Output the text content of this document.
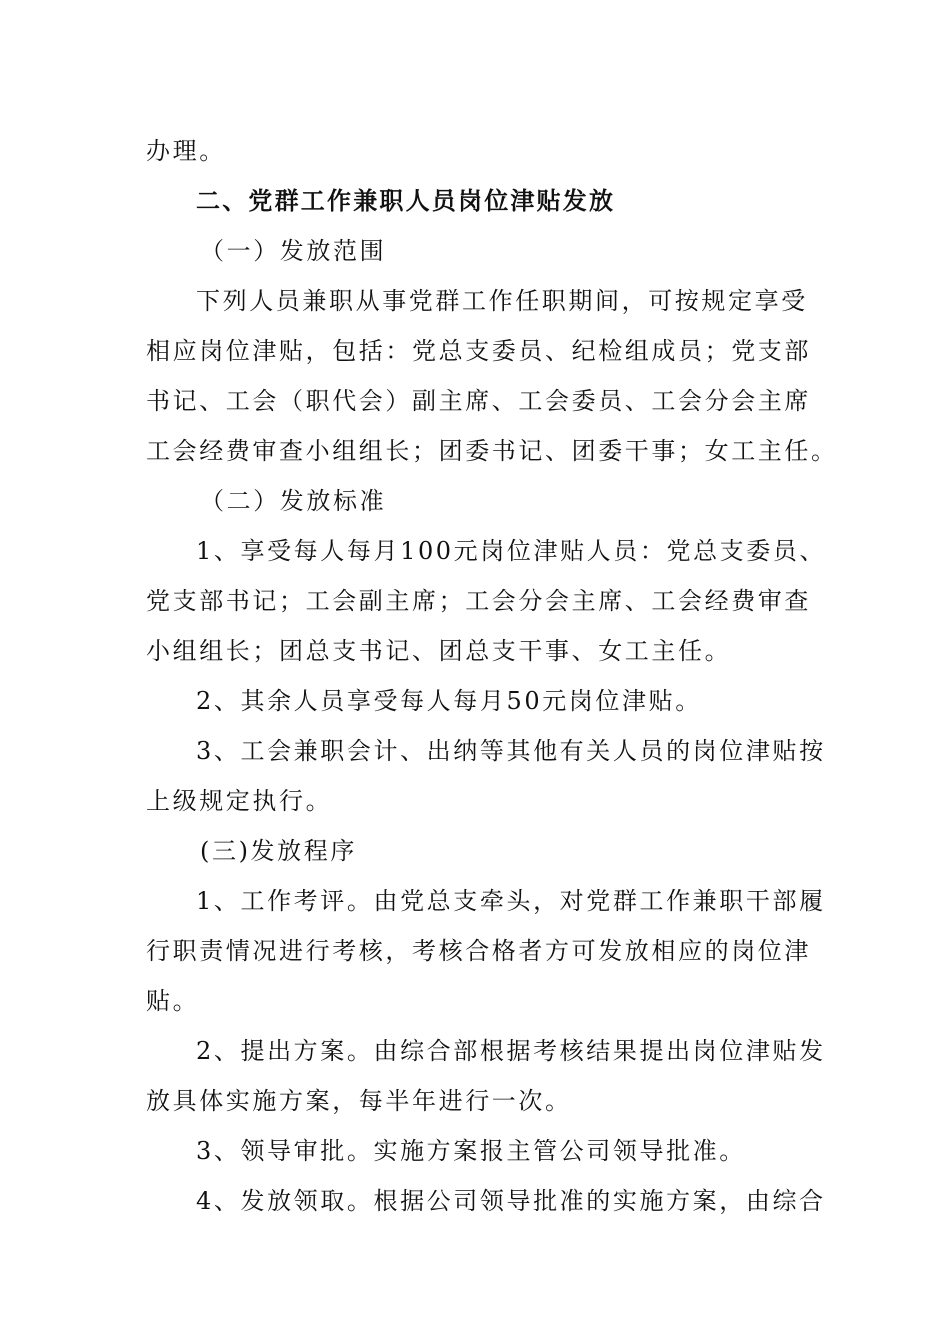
办理。
二、党群工作兼职人员岗位津贴发放
（一）发放范围
下列人员兼职从事党群工作任职期间，可按规定享受
相应岗位津贴，包括：党总支委员、纪检组成员；党支部
书记、工会（职代会）副主席、工会委员、工会分会主席
工会经费审查小组组长；团委书记、团委干事；女工主任。
（二）发放标准
1、享受每人每月100元岗位津贴人员：党总支委员、
党支部书记；工会副主席；工会分会主席、工会经费审查
小组组长；团总支书记、团总支干事、女工主任。
2、其余人员享受每人每月50元岗位津贴。
3、工会兼职会计、出纳等其他有关人员的岗位津贴按
上级规定执行。
(三)发放程序
1、工作考评。由党总支牵头，对党群工作兼职干部履
行职责情况进行考核，考核合格者方可发放相应的岗位津
贴。
2、提出方案。由综合部根据考核结果提出岗位津贴发
放具体实施方案，每半年进行一次。
3、领导审批。实施方案报主管公司领导批准。
4、发放领取。根据公司领导批准的实施方案，由综合
